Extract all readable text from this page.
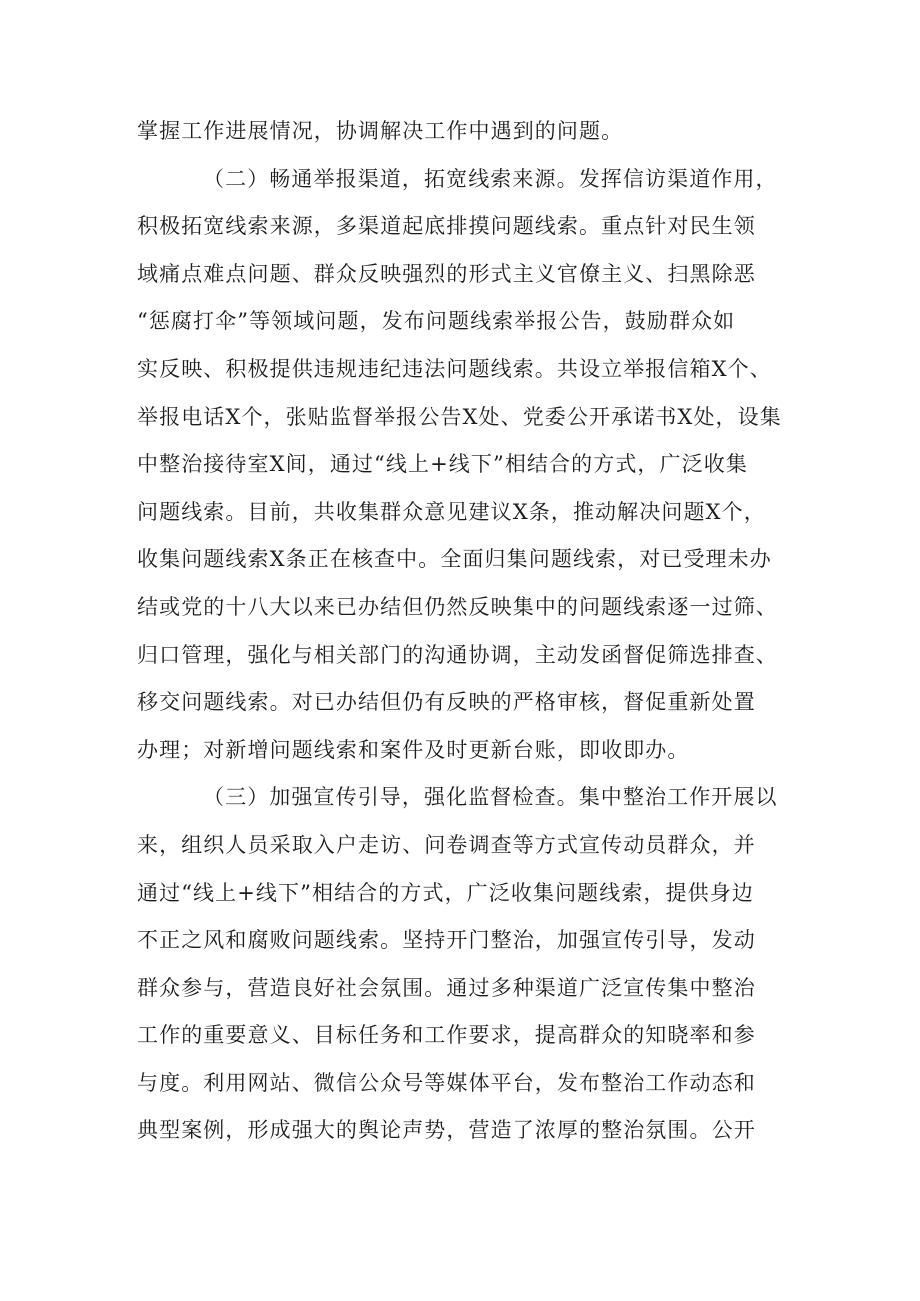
掌握工作进展情况，协调解决工作中遇到的问题。
（二）畅通举报渠道，拓宽线索来源。发挥信访渠道作用，
积极拓宽线索来源，多渠道起底排摸问题线索。重点针对民生领
域痛点难点问题、群众反映强烈的形式主义官僚主义、扫黑除恶
“惩腐打伞”等领域问题，发布问题线索举报公告，鼓励群众如
实反映、积极提供违规违纪违法问题线索。共设立举报信箱X个、
举报电话X个，张贴监督举报公告X处、党委公开承诺书X处，设集
中整治接待室X间，通过“线上+线下”相结合的方式，广泛收集
问题线索。目前，共收集群众意见建议X条，推动解决问题X个，
收集问题线索X条正在核查中。全面归集问题线索，对已受理未办
结或党的十八大以来已办结但仍然反映集中的问题线索逐一过筛、
归口管理，强化与相关部门的沟通协调，主动发函督促筛选排查、
移交问题线索。对已办结但仍有反映的严格审核，督促重新处置
办理；对新增问题线索和案件及时更新台账，即收即办。
（三）加强宣传引导，强化监督检查。集中整治工作开展以
来，组织人员采取入户走访、问卷调查等方式宣传动员群众，并
通过“线上+线下”相结合的方式，广泛收集问题线索，提供身边
不正之风和腐败问题线索。坚持开门整治，加强宣传引导，发动
群众参与，营造良好社会氛围。通过多种渠道广泛宣传集中整治
工作的重要意义、目标任务和工作要求，提高群众的知晓率和参
与度。利用网站、微信公众号等媒体平台，发布整治工作动态和
典型案例，形成强大的舆论声势，营造了浓厚的整治氛围。公开
